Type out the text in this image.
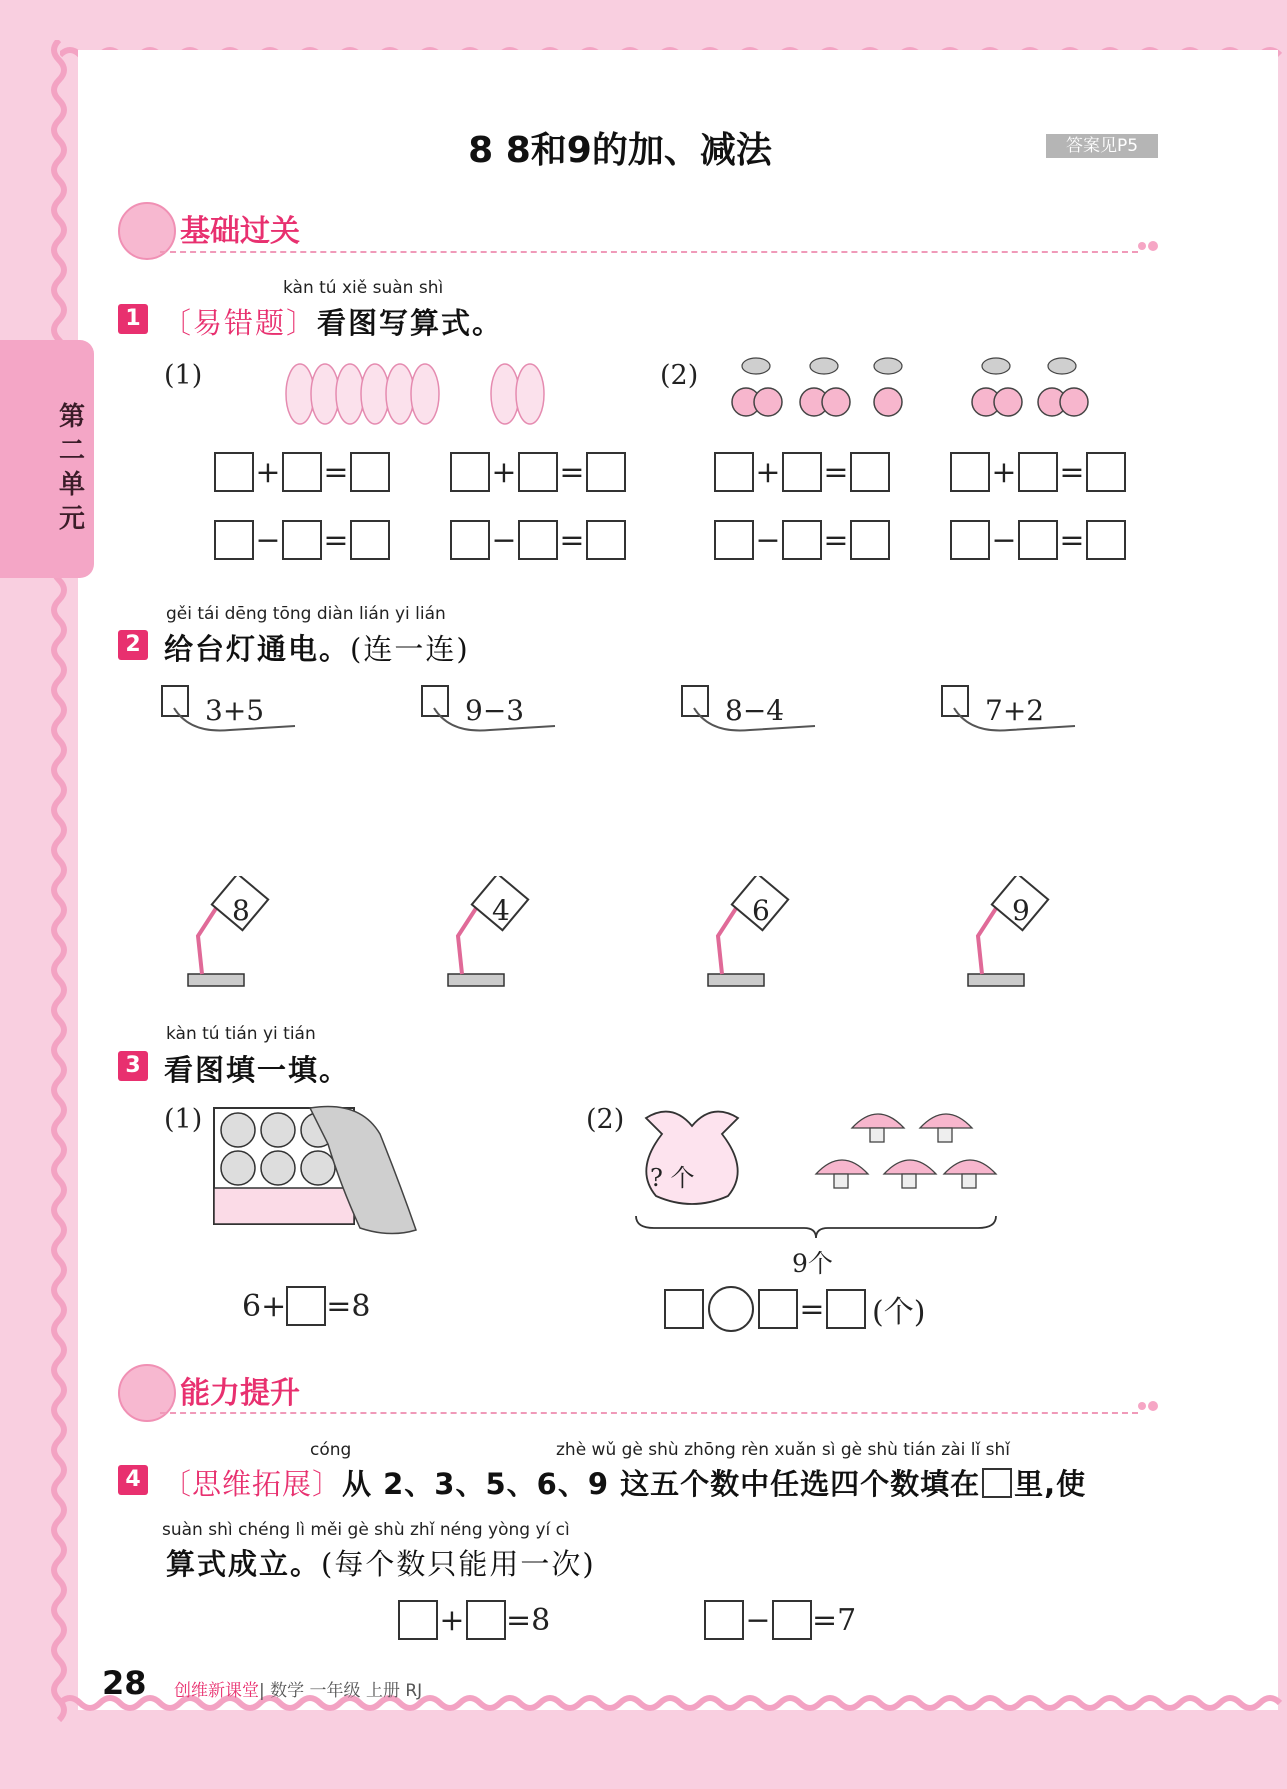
第二单元
8 8和9的加、减法	答案见P5
基础过关
kàn tú xiě suàn shì
1 〔易错题〕看图写算式。
(1)	(2)
+ =	+ =	+ =	+ =
− =	− =	− =	− =
gěi tái dēng tōng diàn lián yi lián
2 给台灯通电。(连一连)
3+5	9−3	8−4	7+2
8	4	6	9
kàn tú tián yi tián
3 看图填一填。
(1)	(2)
6+ =8
? 个
9个
= (个)
能力提升
cóng	zhè wǔ gè shù zhōng rèn xuǎn sì gè shù tián zài lǐ shǐ
4 〔思维拓展〕从 2、3、5、6、9 这五个数中任选四个数填在 里,使
suàn shì chéng lì měi gè shù zhǐ néng yòng yí cì
算式成立。(每个数只能用一次)
+ =8	− =7
28 创维新课堂| 数学 一年级 上册 RJ
